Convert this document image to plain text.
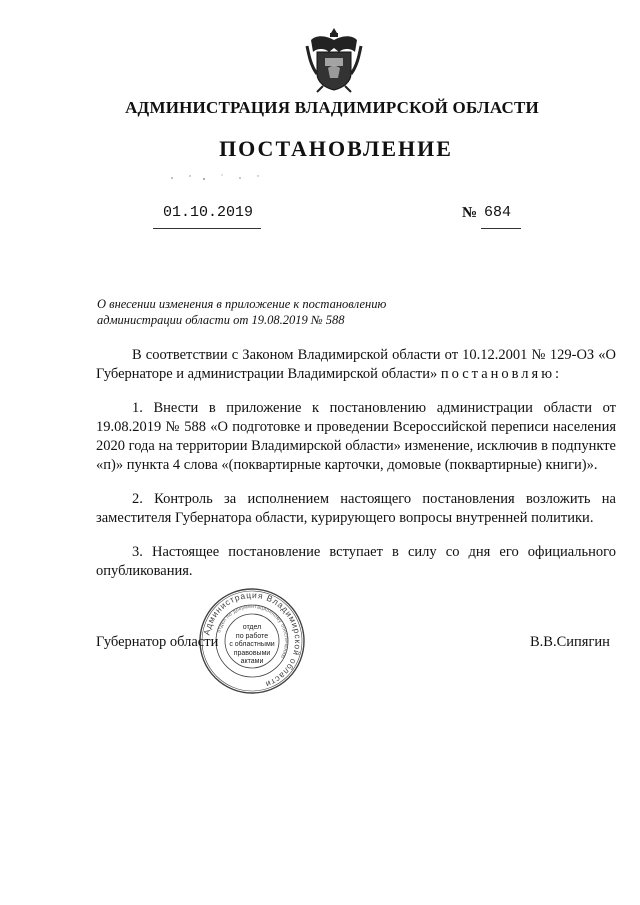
АДМИНИСТРАЦИЯ ВЛАДИМИРСКОЙ ОБЛАСТИ
ПОСТАНОВЛЕНИЕ
01.10.2019	№ 684
О внесении изменения в приложение к постановлению
администрации области от 19.08.2019 № 588

В соответствии с Законом Владимирской области от 10.12.2001 № 129-ОЗ «О Губернаторе и администрации Владимирской области» постановляю:

1. Внести в приложение к постановлению администрации области от 19.08.2019 № 588 «О подготовке и проведении Всероссийской переписи населения 2020 года на территории Владимирской области» изменение, исключив в подпункте «п)» пункта 4 слова «(поквартирные карточки, домовые (поквартирные) книги)».

2. Контроль за исполнением настоящего постановления возложить на заместителя Губернатора области, курирующего вопросы внутренней политики.

3. Настоящее постановление вступает в силу со дня его официального опубликования.

Администрация Владимирской области
отдел по документационному обеспечению
отдел
по работе
с областными
правовыми
актами
Губернатор области	В.В.Сипягин
